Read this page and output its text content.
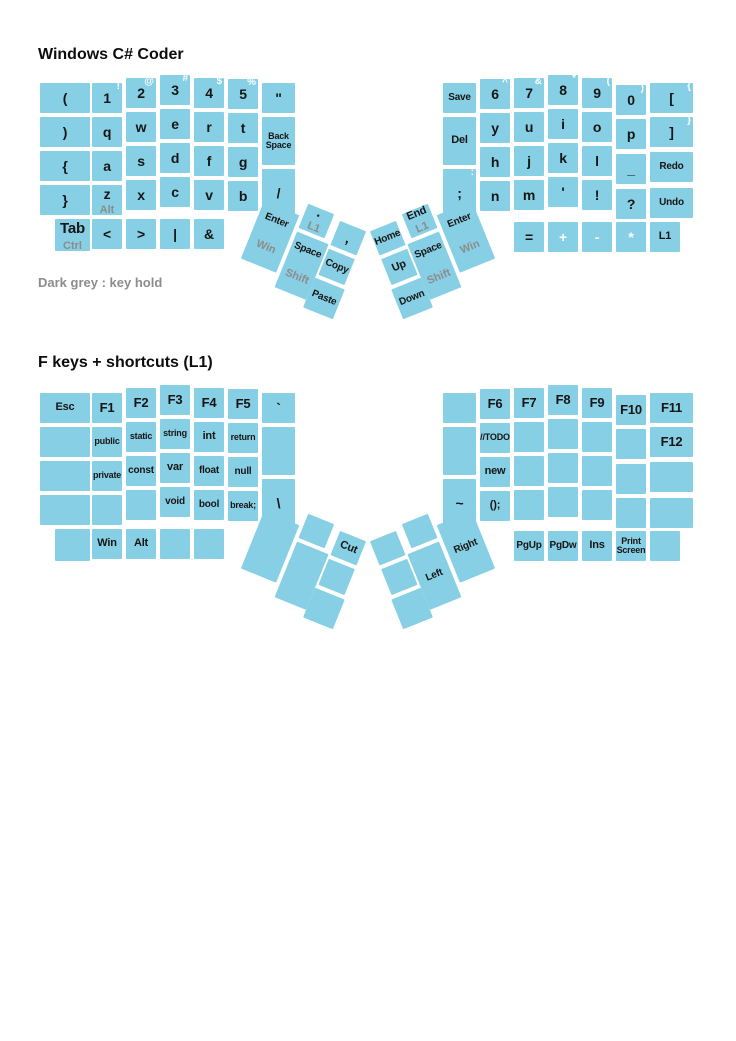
Windows C# Coder
Dark grey : key hold
F keys + shortcuts (L1)
(
)
{
}
Tab
Ctrl
1
!
q
a
z
Alt
<
2
@
w
s
x
>
3
#
e
d
c
|
4
$
r
f
v
&
5
%
t
g
b
"
Back Space
/
Save
Del
;
:
6
^
y
h
n
7
&
u
j
m
=
8
*
i
k
'
+
9
(
o
l
!
-
0
)
p
_
?
*
[
{
]
}
Redo
Undo
L1
Enter
Win
·
L1
,
Space
Shift
Copy
Paste
Home
End
L1	Enter
Win
Up
Space
Shift
Down
Esc F1
public
private
Win
F2
static
const
Alt
F3
string
var
void
F4
int
float
bool
F5
return
null
break;
`
\	~
F6
//TODO
new
();
F7
PgUp
F8
PgDw
F9
Ins
F10
Print Screen
F11
F12
Cut	Right
Left
